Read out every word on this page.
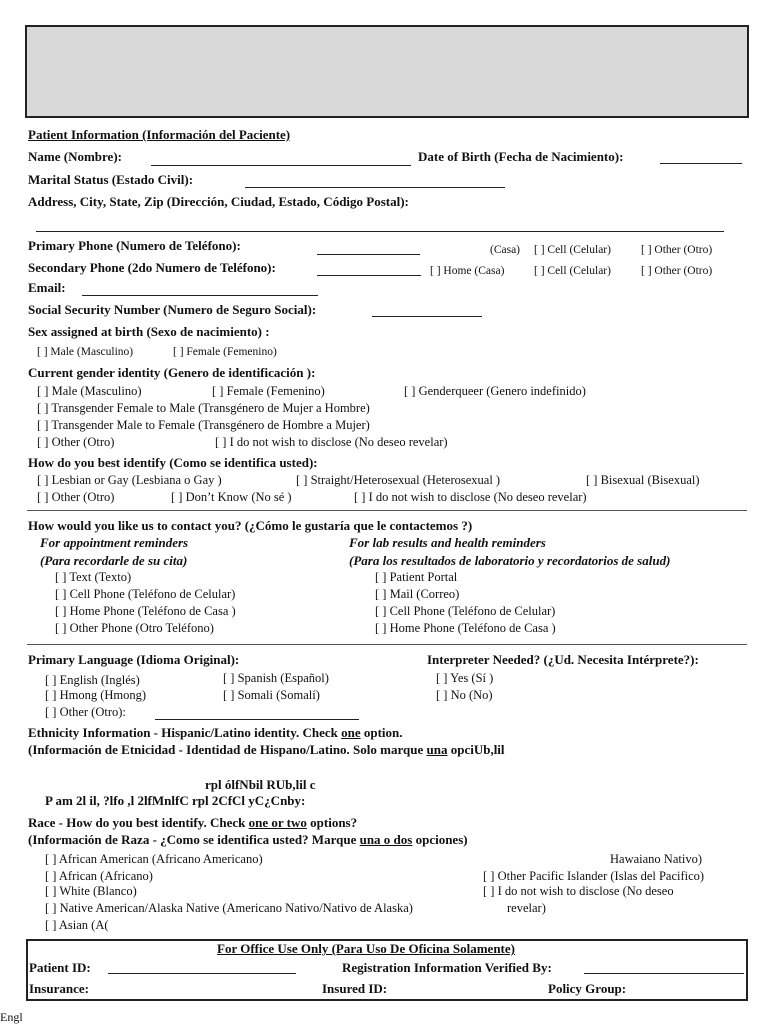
Patient Information (Información del Paciente)
Name (Nombre):	Date of Birth (Fecha de Nacimiento):
Marital Status (Estado Civil):
Address, City, State, Zip (Dirección, Ciudad, Estado, Código Postal):
Primary Phone (Numero de Teléfono):	(Casa) [ ] Cell (Celular)	[ ] Other (Otro)
Secondary Phone (2do Numero de Teléfono):	[ ] Home (Casa)	[ ] Cell (Celular)	[ ] Other (Otro)
Email:
Social Security Number (Numero de Seguro Social):
Sex assigned at birth (Sexo de nacimiento) :
[ ] Male (Masculino)	[ ] Female (Femenino)
Current gender identity (Genero de identificación ):
[ ] Male (Masculino)	[ ] Female (Femenino)	[ ] Genderqueer (Genero indefinido)
[ ] Transgender Female to Male (Transgénero de Mujer a Hombre)
[ ] Transgender Male to Female (Transgénero de Hombre a Mujer)
[ ] Other (Otro)	[ ] I do not wish to disclose (No deseo revelar)
How do you best identify (Como se identifica usted):
[ ] Lesbian or Gay (Lesbiana o Gay )	[ ] Straight/Heterosexual (Heterosexual )	[ ] Bisexual (Bisexual)
[ ] Other (Otro)	[ ] Don’t Know (No sé )	[ ] I do not wish to disclose (No deseo revelar)
How would you like us to contact you? (¿Cómo le gustaría que le contactemos ?)
For appointment reminders
(Para recordarle de su cita)
[ ] Text (Texto)
[ ] Cell Phone (Teléfono de Celular)
[ ] Home Phone (Teléfono de Casa )
[ ] Other Phone (Otro Teléfono)
For lab results and health reminders
(Para los resultados de laboratorio y recordatorios de salud)
[ ] Patient Portal
[ ] Mail (Correo)
[ ] Cell Phone (Teléfono de Celular)
[ ] Home Phone (Teléfono de Casa )
Primary Language (Idioma Original):
[ ] English (Inglés)
[ ] Hmong (Hmong)
[ ] Other (Otro):
[ ] Spanish (Español)
[ ] Somali (Somalí)
Interpreter Needed? (¿Ud. Necesita Intérprete?):
[ ] Yes (Sí )
[ ] No (No)
Ethnicity Information - Hispanic/Latino identity. Check one option.
(Información de Etnicidad - Identidad de Hispano/Latino. Solo marque una opciUb,lil
rpl ólfNbil RUb,lil c
P am 2l il, ?lfo ,l 2lfMnlfC rpl 2CfCl yC¿Cnby:
Race - How do you best identify. Check one or two options?
(Información de Raza - ¿Como se identifica usted? Marque una o dos opciones)
[ ] African American (Africano Americano)
[ ] African (Africano)
[ ] White (Blanco)
[ ] Native American/Alaska Native (Americano Nativo/Nativo de Alaska)
[ ] Asian (A(
Hawaiano Nativo)
[ ] Other Pacific Islander (Islas del Pacifico)
[ ] I do not wish to disclose (No deseo
revelar)
For Office Use Only (Para Uso De Oficina Solamente)
Patient ID:	Registration Information Verified By:
Insurance:	Insured ID:	Policy Group:
Engl
